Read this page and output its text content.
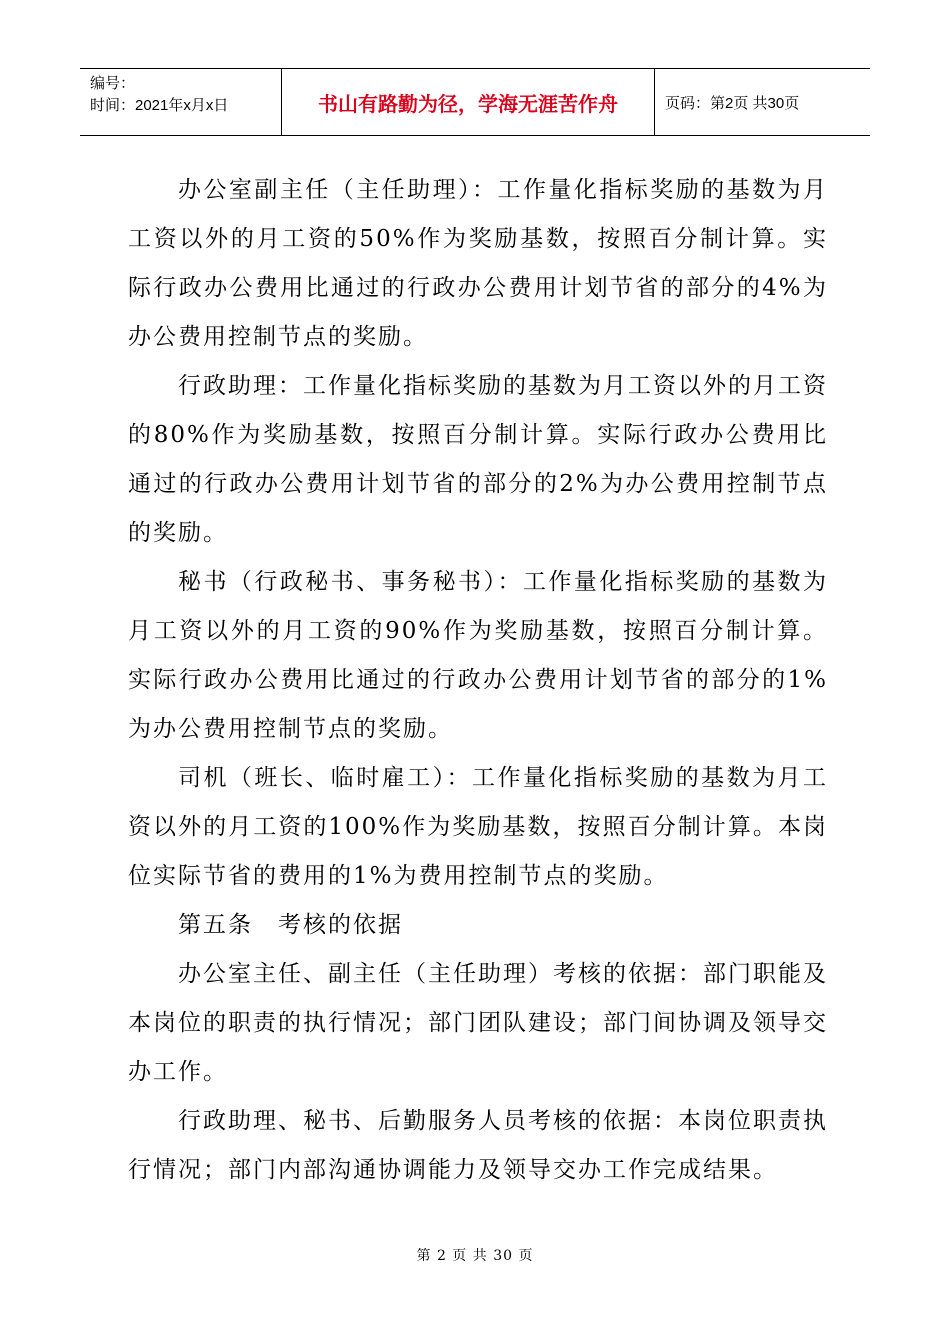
编号：
时间：2021年x月x日	书山有路勤为径，学海无涯苦作舟	页码：第2页 共30页

办公室副主任（主任助理）：工作量化指标奖励的基数为月工资以外的月工资的50%作为奖励基数，按照百分制计算。实际行政办公费用比通过的行政办公费用计划节省的部分的4%为办公费用控制节点的奖励。

行政助理：工作量化指标奖励的基数为月工资以外的月工资的80%作为奖励基数，按照百分制计算。实际行政办公费用比通过的行政办公费用计划节省的部分的2%为办公费用控制节点的奖励。

秘书（行政秘书、事务秘书）：工作量化指标奖励的基数为月工资以外的月工资的90%作为奖励基数，按照百分制计算。实际行政办公费用比通过的行政办公费用计划节省的部分的1%为办公费用控制节点的奖励。

司机（班长、临时雇工）：工作量化指标奖励的基数为月工资以外的月工资的100%作为奖励基数，按照百分制计算。本岗位实际节省的费用的1%为费用控制节点的奖励。

第五条　考核的依据

办公室主任、副主任（主任助理）考核的依据：部门职能及本岗位的职责的执行情况；部门团队建设；部门间协调及领导交办工作。

行政助理、秘书、后勤服务人员考核的依据：本岗位职责执行情况；部门内部沟通协调能力及领导交办工作完成结果。

第 2 页 共 30 页
